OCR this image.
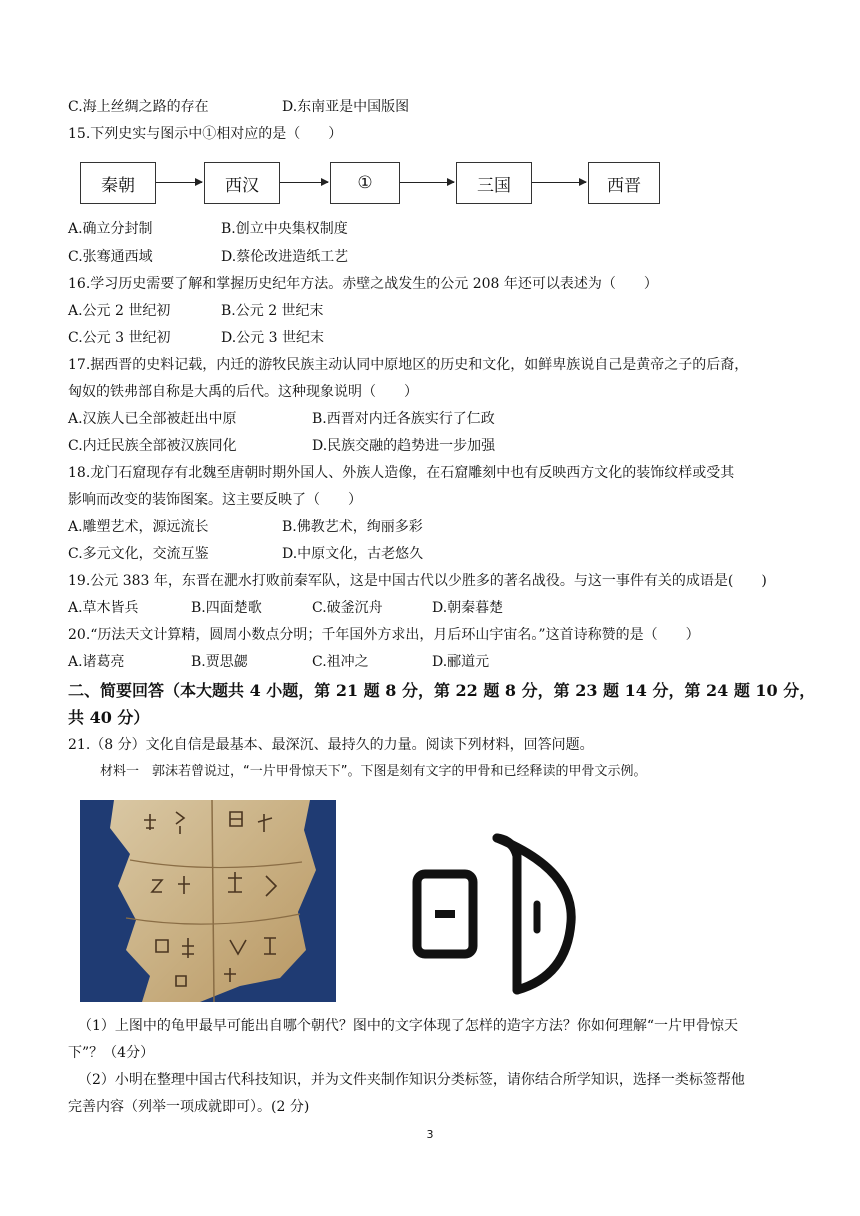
C.海上丝绸之路的存在	D.东南亚是中国版图
15.下列史实与图示中①相对应的是（　　）
秦朝	西汉	①	三国	西晋
A.确立分封制	B.创立中央集权制度
C.张骞通西域	D.蔡伦改进造纸工艺
16.学习历史需要了解和掌握历史纪年方法。赤壁之战发生的公元 208 年还可以表述为（　　）
A.公元 2 世纪初	B.公元 2 世纪末
C.公元 3 世纪初	D.公元 3 世纪末
17.据西晋的史料记载，内迁的游牧民族主动认同中原地区的历史和文化，如鲜卑族说自己是黄帝之子的后裔，
匈奴的铁弗部自称是大禹的后代。这种现象说明（　　）
A.汉族人已全部被赶出中原	B.西晋对内迁各族实行了仁政
C.内迁民族全部被汉族同化	D.民族交融的趋势进一步加强
18.龙门石窟现存有北魏至唐朝时期外国人、外族人造像，在石窟雕刻中也有反映西方文化的装饰纹样或受其
影响而改变的装饰图案。这主要反映了（　　）
A.雕塑艺术，源远流长	B.佛教艺术，绚丽多彩
C.多元文化，交流互鉴	D.中原文化，古老悠久
19.公元 383 年，东晋在淝水打败前秦军队，这是中国古代以少胜多的著名战役。与这一事件有关的成语是(　　)
A.草木皆兵	B.四面楚歌	C.破釜沉舟	D.朝秦暮楚
20.“历法天文计算精，圆周小数点分明；千年国外方求出，月后环山宇宙名。”这首诗称赞的是（　　）
A.诸葛亮	B.贾思勰	C.祖冲之	D.郦道元
二、简要回答（本大题共 4 小题，第 21 题 8 分，第 22 题 8 分，第 23 题 14 分，第 24 题 10 分，
共 40 分）
21.（8 分）文化自信是最基本、最深沉、最持久的力量。阅读下列材料，回答问题。
材料一　郭沫若曾说过，“一片甲骨惊天下”。下图是刻有文字的甲骨和已经释读的甲骨文示例。
（1）上图中的龟甲最早可能出自哪个朝代？图中的文字体现了怎样的造字方法？你如何理解“一片甲骨惊天
下”？（4分）
（2）小明在整理中国古代科技知识，并为文件夹制作知识分类标签，请你结合所学知识，选择一类标签帮他
完善内容（列举一项成就即可）。(2 分)
3
